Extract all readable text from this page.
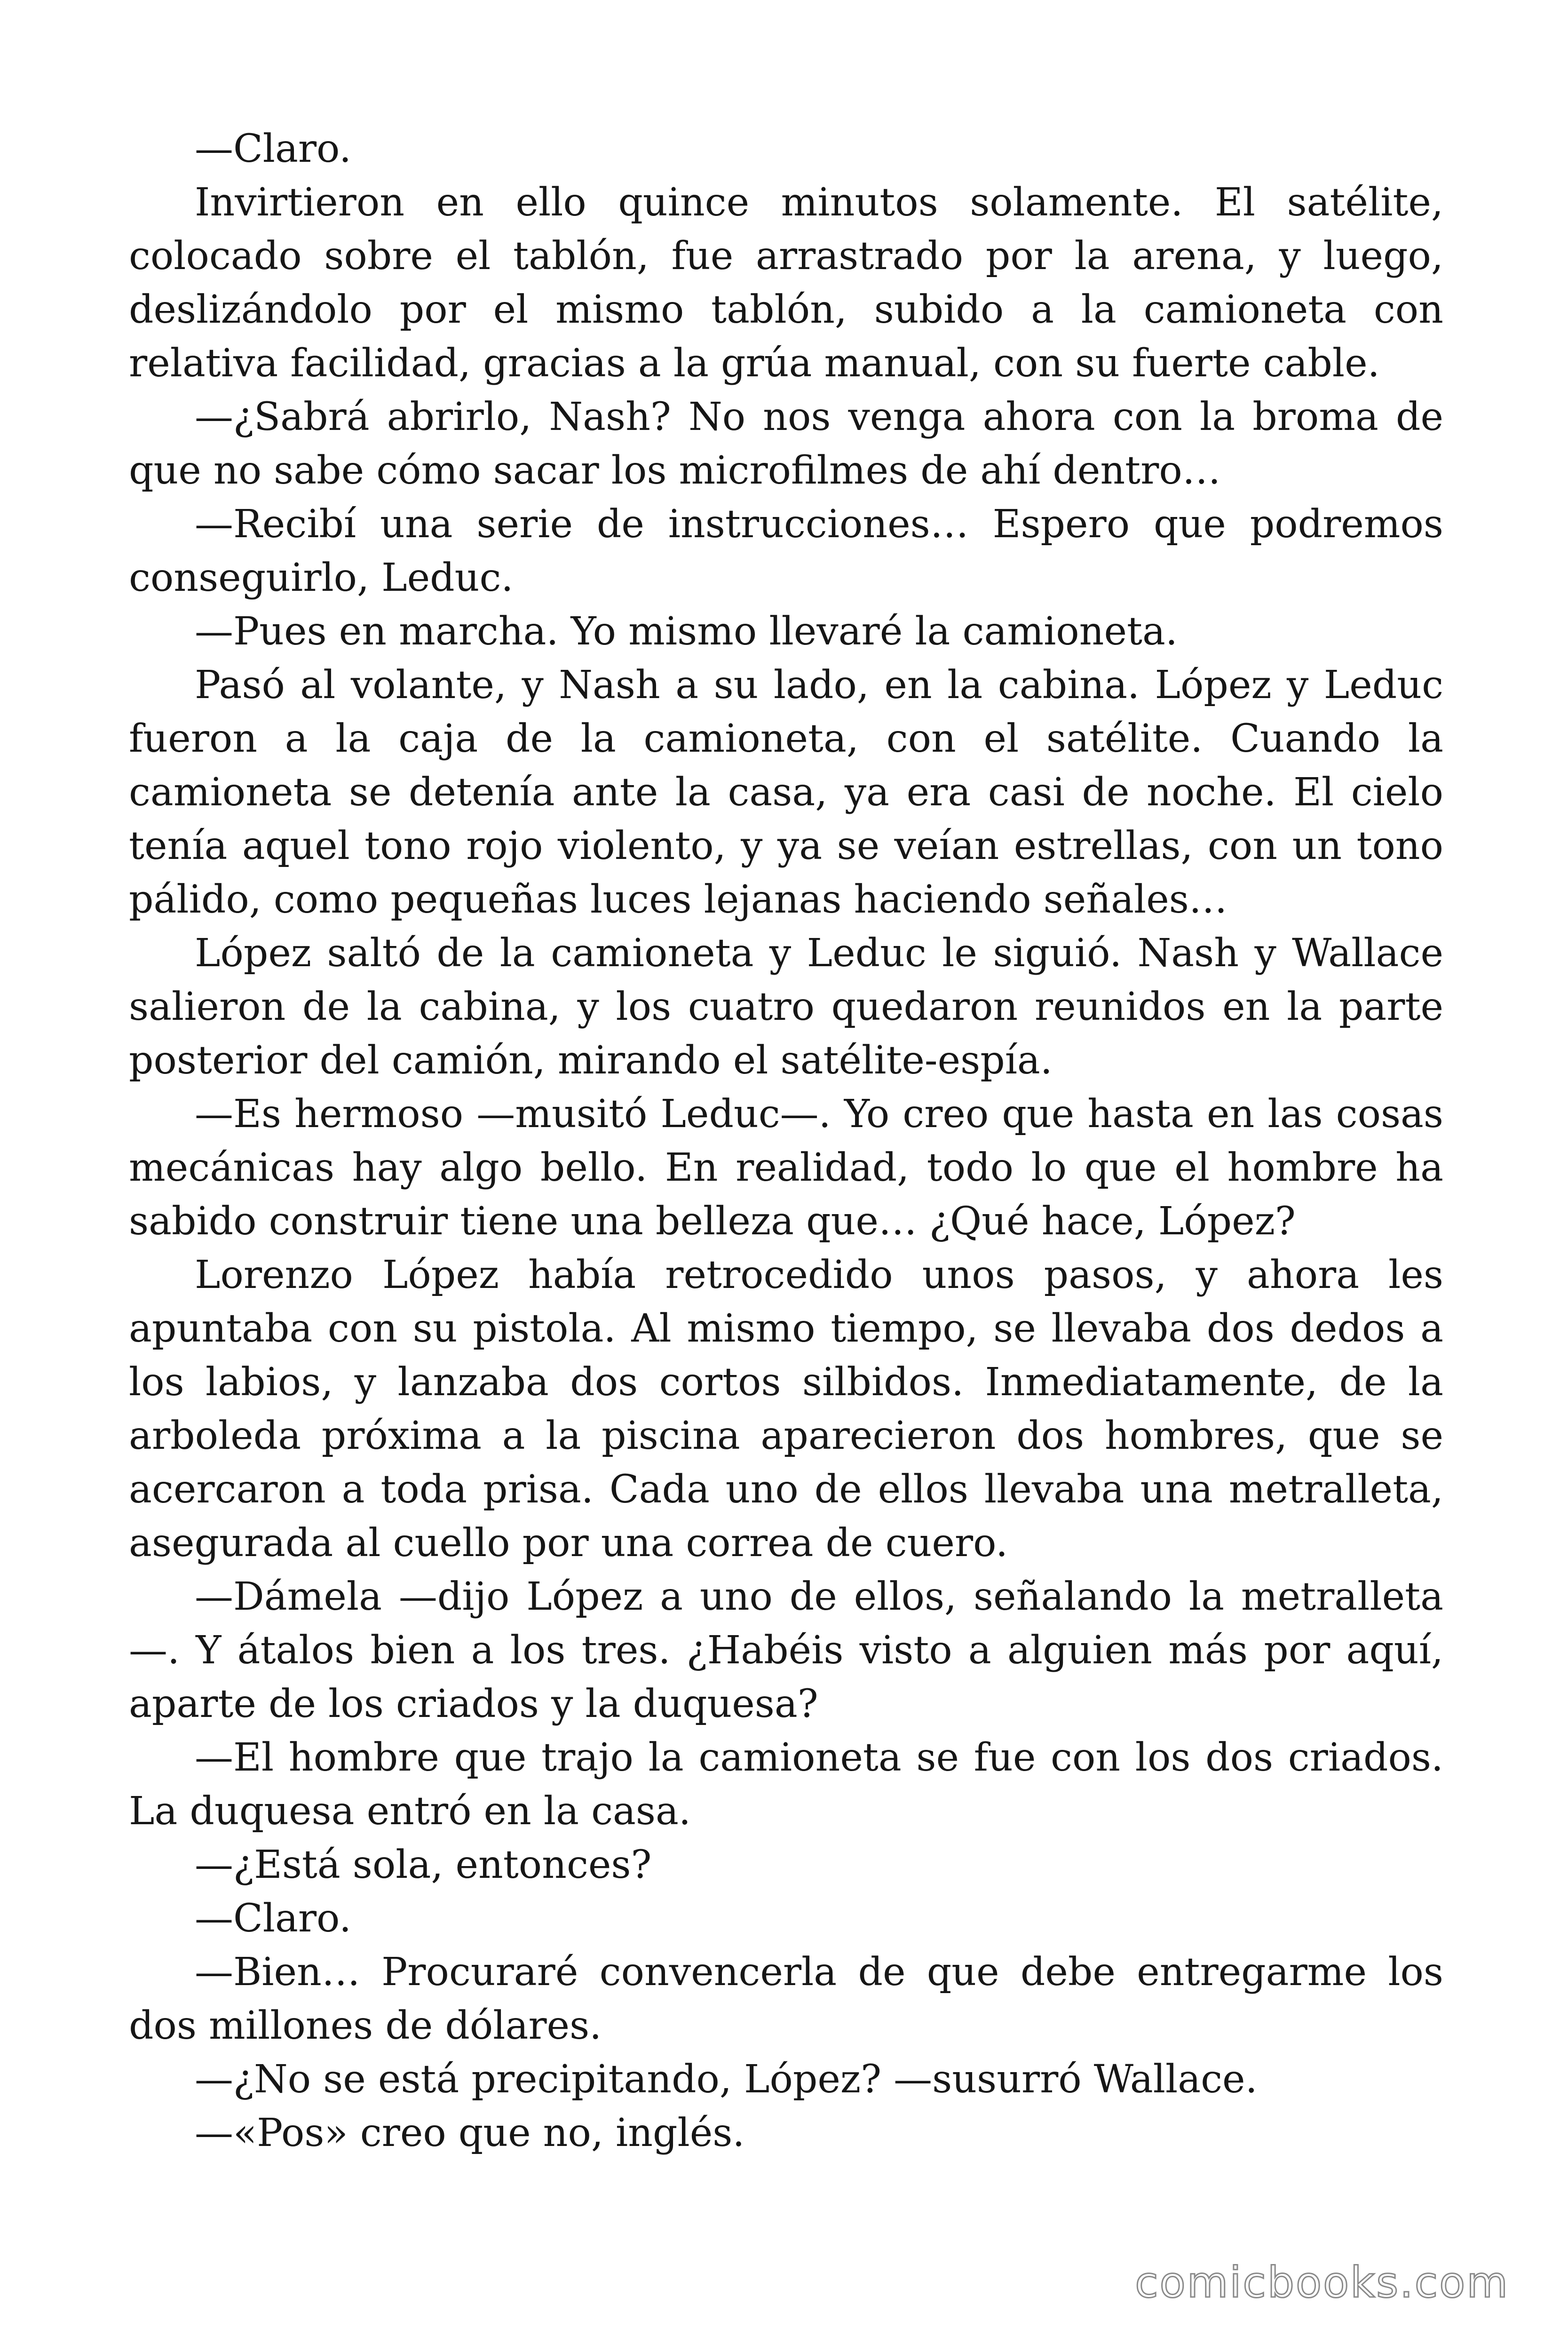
—Claro.

Invirtieron en ello quince minutos solamente. El satélite, colocado sobre el tablón, fue arrastrado por la arena, y luego, deslizándolo por el mismo tablón, subido a la camioneta con relativa facilidad, gracias a la grúa manual, con su fuerte cable.

—¿Sabrá abrirlo, Nash? No nos venga ahora con la broma de que no sabe cómo sacar los microfilmes de ahí dentro…

—Recibí una serie de instrucciones… Espero que podremos conseguirlo, Leduc.

—Pues en marcha. Yo mismo llevaré la camioneta.

Pasó al volante, y Nash a su lado, en la cabina. López y Leduc fueron a la caja de la camioneta, con el satélite. Cuando la camioneta se detenía ante la casa, ya era casi de noche. El cielo tenía aquel tono rojo violento, y ya se veían estrellas, con un tono pálido, como pequeñas luces lejanas haciendo señales…

López saltó de la camioneta y Leduc le siguió. Nash y Wallace salieron de la cabina, y los cuatro quedaron reunidos en la parte posterior del camión, mirando el satélite-espía.

—Es hermoso —musitó Leduc—. Yo creo que hasta en las cosas mecánicas hay algo bello. En realidad, todo lo que el hombre ha sabido construir tiene una belleza que… ¿Qué hace, López?

Lorenzo López había retrocedido unos pasos, y ahora les apuntaba con su pistola. Al mismo tiempo, se llevaba dos dedos a los labios, y lanzaba dos cortos silbidos. Inmediatamente, de la arboleda próxima a la piscina aparecieron dos hombres, que se acercaron a toda prisa. Cada uno de ellos llevaba una metralleta, asegurada al cuello por una correa de cuero.

—Dámela —dijo López a uno de ellos, señalando la metralleta —. Y átalos bien a los tres. ¿Habéis visto a alguien más por aquí, aparte de los criados y la duquesa?

—El hombre que trajo la camioneta se fue con los dos criados. La duquesa entró en la casa.

—¿Está sola, entonces?

—Claro.

—Bien… Procuraré convencerla de que debe entregarme los dos millones de dólares.

—¿No se está precipitando, López? —susurró Wallace.

—«Pos» creo que no, inglés.

comicbooks.com
